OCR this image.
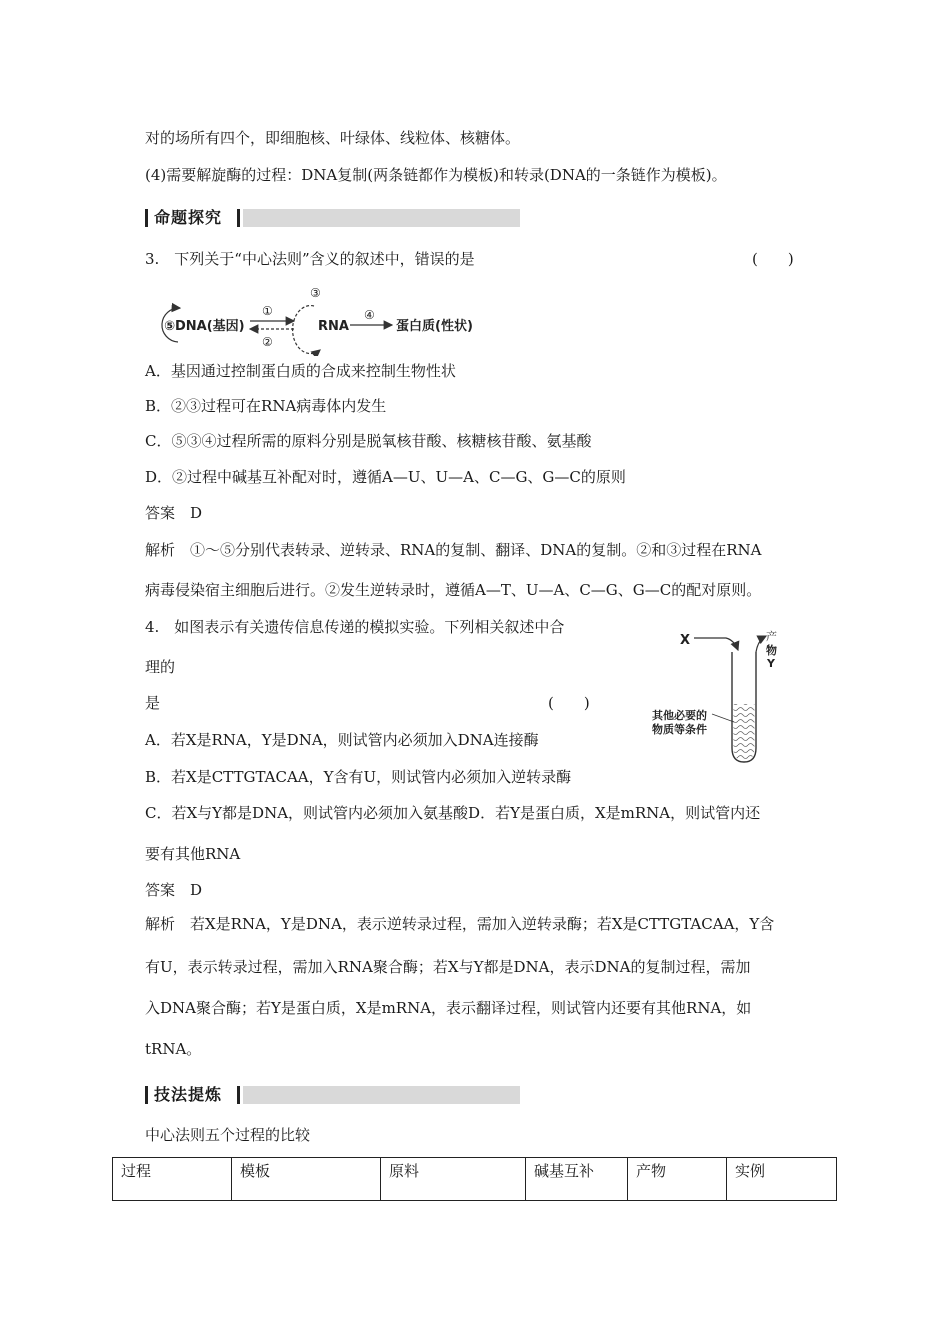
对的场所有四个，即细胞核、叶绿体、线粒体、核糖体。
(4)需要解旋酶的过程：DNA复制(两条链都作为模板)和转录(DNA的一条链作为模板)。
命题探究
3.　下列关于“中心法则”含义的叙述中，错误的是	(　　)
⑤DNA(基因)
①
②
③
RNA
④
蛋白质(性状)
A．基因通过控制蛋白质的合成来控制生物性状
B．②③过程可在RNA病毒体内发生
C．⑤③④过程所需的原料分别是脱氧核苷酸、核糖核苷酸、氨基酸
D．②过程中碱基互补配对时，遵循A—U、U—A、C—G、G—C的原则
答案　D
解析　①～⑤分别代表转录、逆转录、RNA的复制、翻译、DNA的复制。②和③过程在RNA
病毒侵染宿主细胞后进行。②发生逆转录时，遵循A—T、U—A、C—G、G—C的配对原则。
4.　如图表示有关遗传信息传递的模拟实验。下列相关叙述中合
理的
是	(　　)
X	产
物
Y
其他必要的
物质等条件
A．若X是RNA，Y是DNA，则试管内必须加入DNA连接酶
B．若X是CTTGTACAA，Y含有U，则试管内必须加入逆转录酶
C．若X与Y都是DNA，则试管内必须加入氨基酸D．若Y是蛋白质，X是mRNA，则试管内还
要有其他RNA
答案　D
解析　若X是RNA，Y是DNA，表示逆转录过程，需加入逆转录酶；若X是CTTGTACAA，Y含
有U，表示转录过程，需加入RNA聚合酶；若X与Y都是DNA，表示DNA的复制过程，需加
入DNA聚合酶；若Y是蛋白质，X是mRNA，表示翻译过程，则试管内还要有其他RNA，如
tRNA。
技法提炼
中心法则五个过程的比较
过程	模板	原料	碱基互补	产物	实例
